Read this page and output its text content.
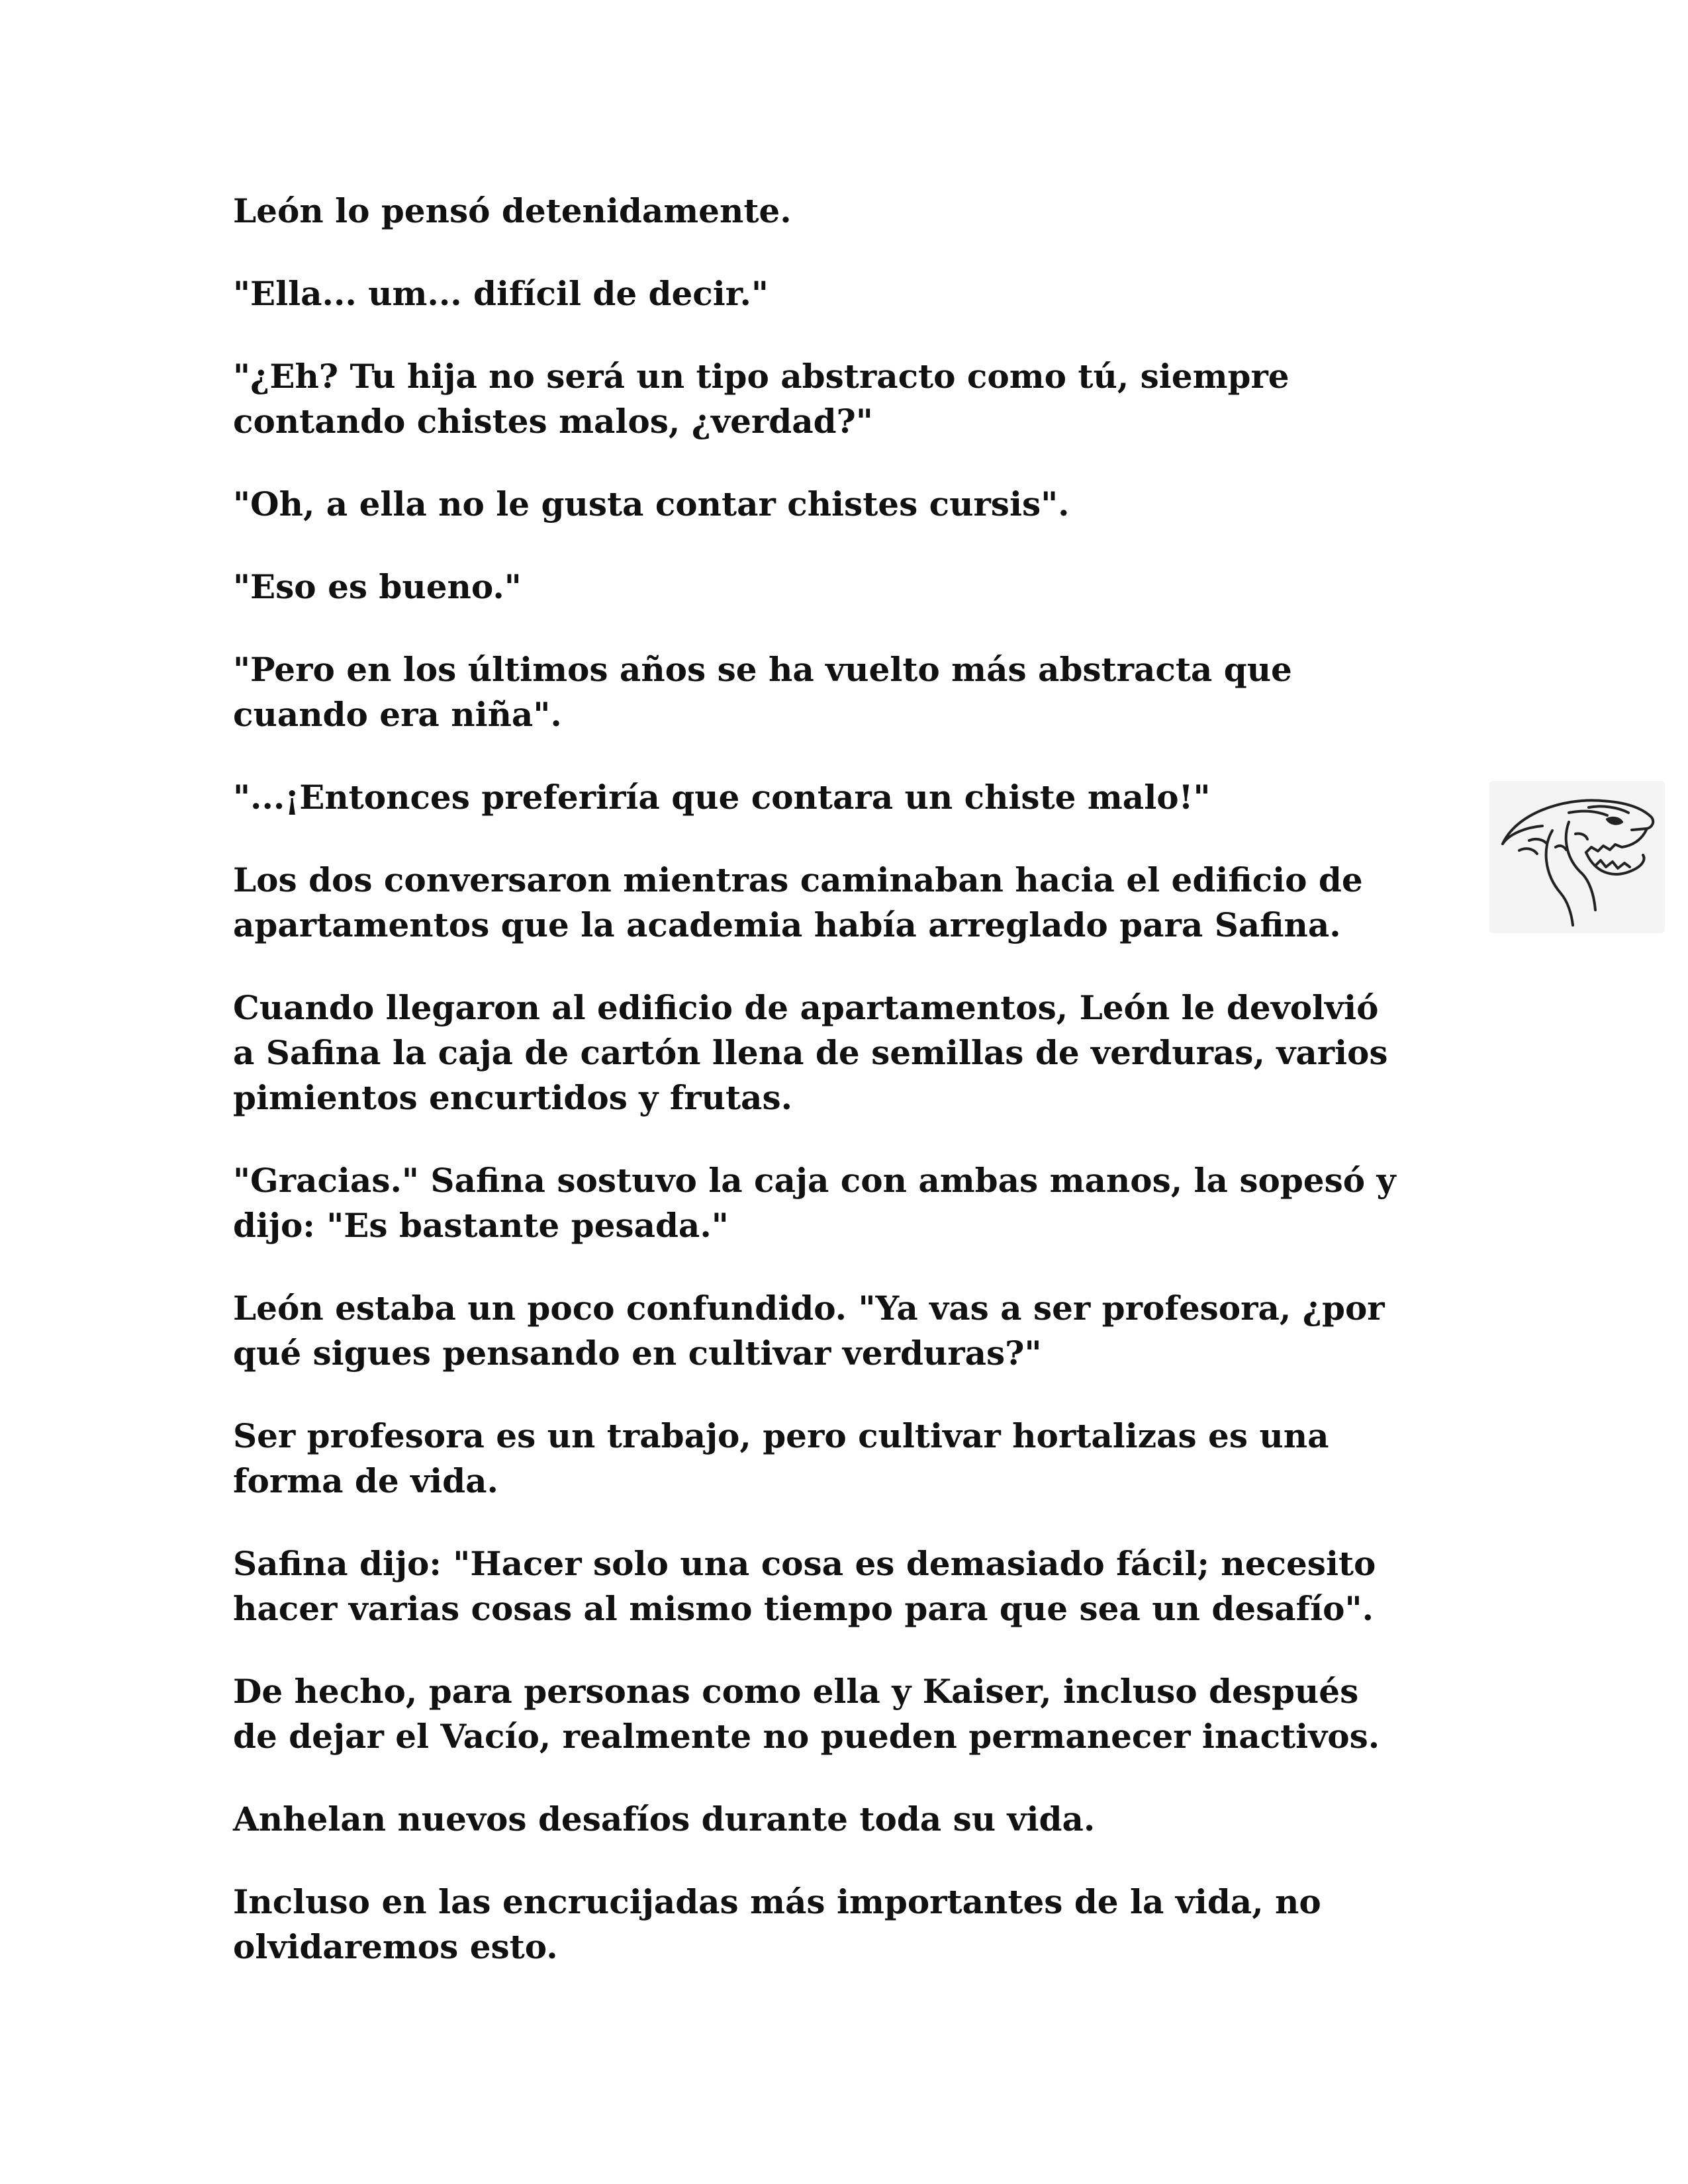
León lo pensó detenidamente.

"Ella... um... difícil de decir."

"¿Eh? Tu hija no será un tipo abstracto como tú, siempre
contando chistes malos, ¿verdad?"

"Oh, a ella no le gusta contar chistes cursis".

"Eso es bueno."

"Pero en los últimos años se ha vuelto más abstracta que
cuando era niña".

"...¡Entonces preferiría que contara un chiste malo!"

Los dos conversaron mientras caminaban hacia el edificio de
apartamentos que la academia había arreglado para Safina.

Cuando llegaron al edificio de apartamentos, León le devolvió
a Safina la caja de cartón llena de semillas de verduras, varios
pimientos encurtidos y frutas.

"Gracias." Safina sostuvo la caja con ambas manos, la sopesó y
dijo: "Es bastante pesada."

León estaba un poco confundido. "Ya vas a ser profesora, ¿por
qué sigues pensando en cultivar verduras?"

Ser profesora es un trabajo, pero cultivar hortalizas es una
forma de vida.

Safina dijo: "Hacer solo una cosa es demasiado fácil; necesito
hacer varias cosas al mismo tiempo para que sea un desafío".

De hecho, para personas como ella y Kaiser, incluso después
de dejar el Vacío, realmente no pueden permanecer inactivos.

Anhelan nuevos desafíos durante toda su vida.

Incluso en las encrucijadas más importantes de la vida, no
olvidaremos esto.
